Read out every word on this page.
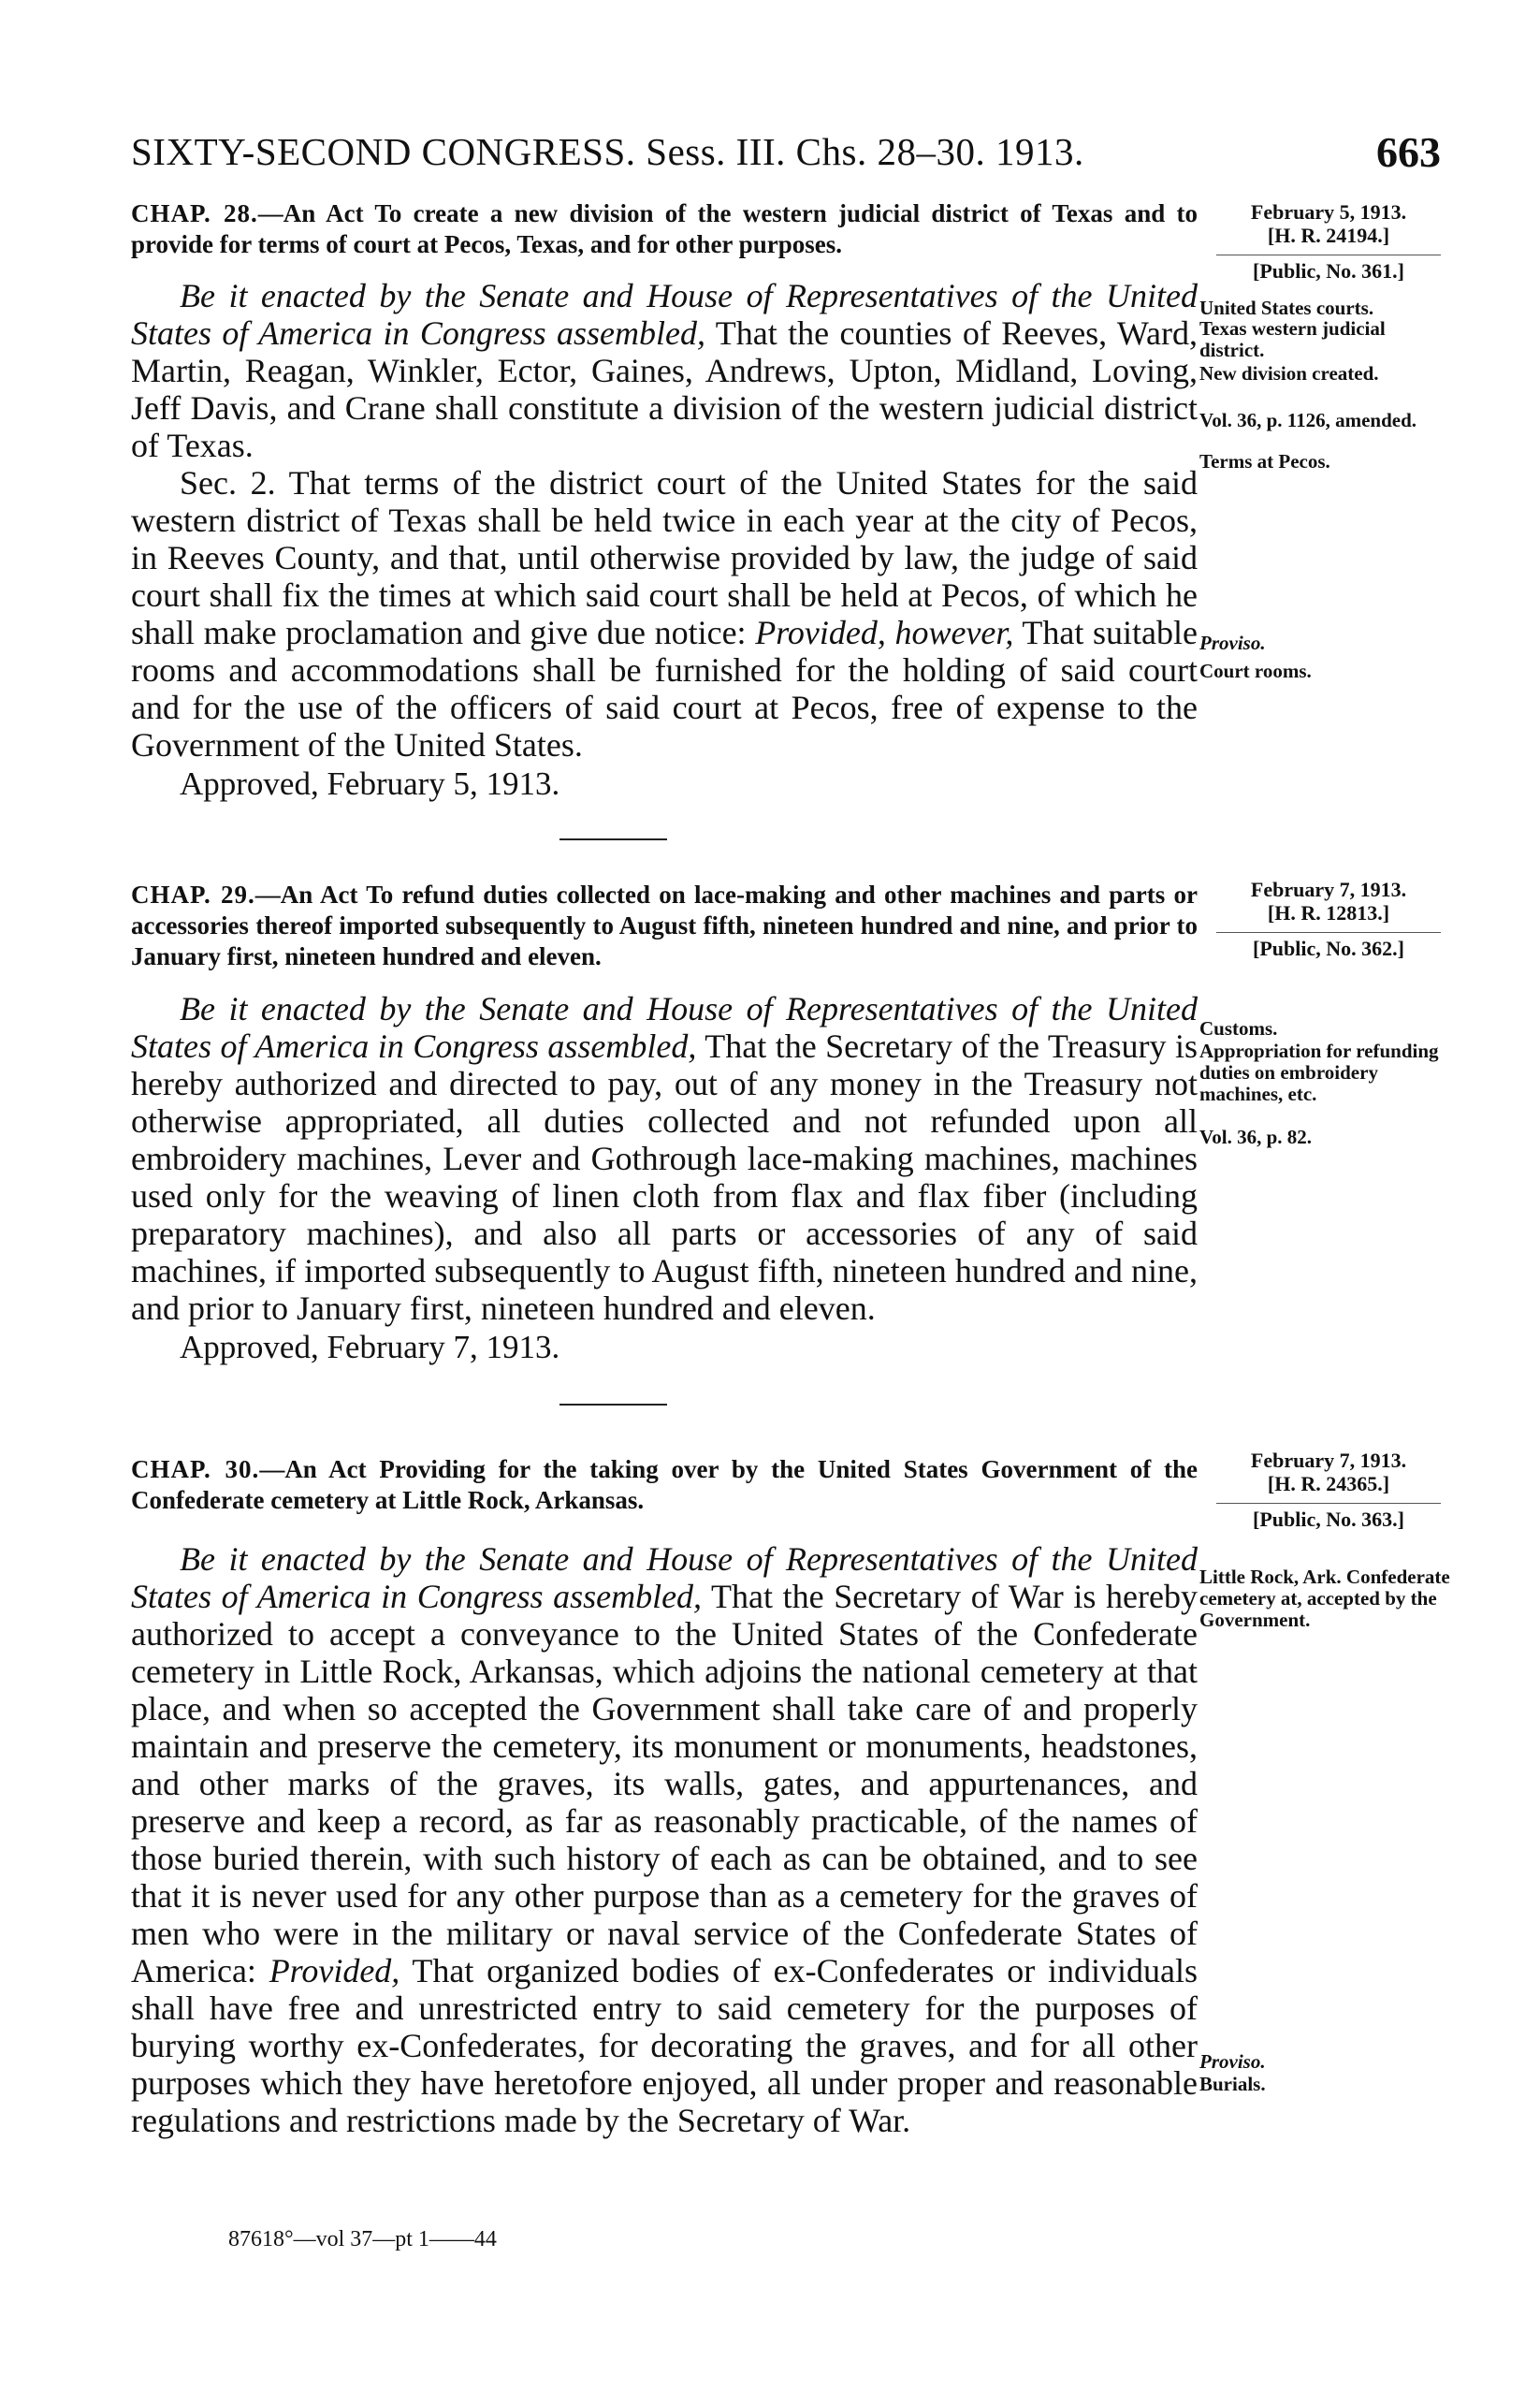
SIXTY-SECOND CONGRESS. Sess. III. Chs. 28–30. 1913.	663
CHAP. 28.—An Act To create a new division of the western judicial district of Texas and to provide for terms of court at Pecos, Texas, and for other purposes.
February 5, 1913.
[H. R. 24194.]
[Public, No. 361.]

Be it enacted by the Senate and House of Representatives of the United States of America in Congress assembled, That the counties of Reeves, Ward, Martin, Reagan, Winkler, Ector, Gaines, Andrews, Upton, Midland, Loving, Jeff Davis, and Crane shall constitute a division of the western judicial district of Texas.

Sec. 2. That terms of the district court of the United States for the said western district of Texas shall be held twice in each year at the city of Pecos, in Reeves County, and that, until otherwise provided by law, the judge of said court shall fix the times at which said court shall be held at Pecos, of which he shall make proclamation and give due notice: Provided, however, That suitable rooms and accommodations shall be furnished for the holding of said court and for the use of the officers of said court at Pecos, free of expense to the Government of the United States.

Approved, February 5, 1913.
United States courts.
Texas western judicial district.
New division created.
Vol. 36, p. 1126, amended.
Terms at Pecos.
Proviso.
Court rooms.
CHAP. 29.—An Act To refund duties collected on lace-making and other machines and parts or accessories thereof imported subsequently to August fifth, nineteen hundred and nine, and prior to January first, nineteen hundred and eleven.
February 7, 1913.
[H. R. 12813.]
[Public, No. 362.]

Be it enacted by the Senate and House of Representatives of the United States of America in Congress assembled, That the Secretary of the Treasury is hereby authorized and directed to pay, out of any money in the Treasury not otherwise appropriated, all duties collected and not refunded upon all embroidery machines, Lever and Gothrough lace-making machines, machines used only for the weaving of linen cloth from flax and flax fiber (including preparatory machines), and also all parts or accessories of any of said machines, if imported subsequently to August fifth, nineteen hundred and nine, and prior to January first, nineteen hundred and eleven.

Approved, February 7, 1913.
Customs.
Appropriation for refunding duties on embroidery machines, etc.
Vol. 36, p. 82.
CHAP. 30.—An Act Providing for the taking over by the United States Government of the Confederate cemetery at Little Rock, Arkansas.
February 7, 1913.
[H. R. 24365.]
[Public, No. 363.]

Be it enacted by the Senate and House of Representatives of the United States of America in Congress assembled, That the Secretary of War is hereby authorized to accept a conveyance to the United States of the Confederate cemetery in Little Rock, Arkansas, which adjoins the national cemetery at that place, and when so accepted the Government shall take care of and properly maintain and preserve the cemetery, its monument or monuments, headstones, and other marks of the graves, its walls, gates, and appurtenances, and preserve and keep a record, as far as reasonably practicable, of the names of those buried therein, with such history of each as can be obtained, and to see that it is never used for any other purpose than as a cemetery for the graves of men who were in the military or naval service of the Confederate States of America: Provided, That organized bodies of ex-Confederates or individuals shall have free and unrestricted entry to said cemetery for the purposes of burying worthy ex-Confederates, for decorating the graves, and for all other purposes which they have heretofore enjoyed, all under proper and reasonable regulations and restrictions made by the Secretary of War.

Little Rock, Ark. Confederate cemetery at, accepted by the Government.
Proviso.
Burials.
87618°—vol 37—pt 1——44
